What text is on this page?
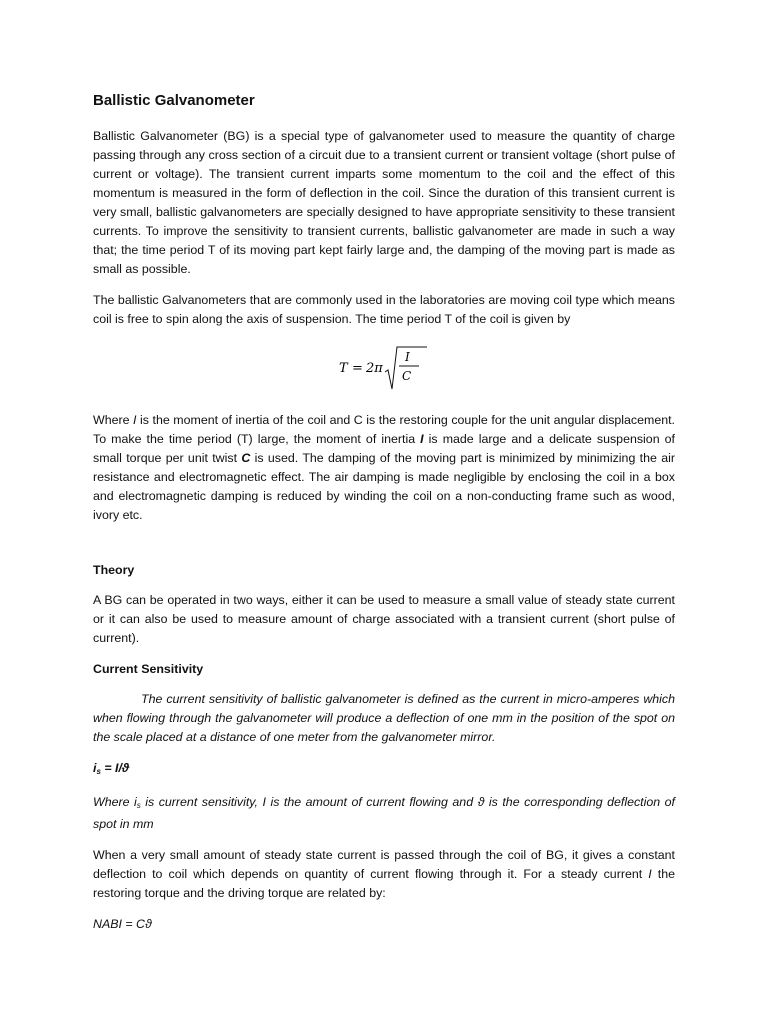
Ballistic Galvanometer

Ballistic Galvanometer (BG) is a special type of galvanometer used to measure the quantity of charge passing through any cross section of a circuit due to a transient current or transient voltage (short pulse of current or voltage). The transient current imparts some momentum to the coil and the effect of this momentum is measured in the form of deflection in the coil. Since the duration of this transient current is very small, ballistic galvanometers are specially designed to have appropriate sensitivity to these transient currents. To improve the sensitivity to transient currents, ballistic galvanometer are made in such a way that; the time period T of its moving part kept fairly large and, the damping of the moving part is made as small as possible.

The ballistic Galvanometers that are commonly used in the laboratories are moving coil type which means coil is free to spin along the axis of suspension. The time period T of the coil is given by

T = 2π
I
C

Where I is the moment of inertia of the coil and C is the restoring couple for the unit angular displacement. To make the time period (T) large, the moment of inertia I is made large and a delicate suspension of small torque per unit twist C is used. The damping of the moving part is minimized by minimizing the air resistance and electromagnetic effect. The air damping is made negligible by enclosing the coil in a box and electromagnetic damping is reduced by winding the coil on a non-conducting frame such as wood, ivory etc.

Theory

A BG can be operated in two ways, either it can be used to measure a small value of steady state current or it can also be used to measure amount of charge associated with a transient current (short pulse of current).

Current Sensitivity

The current sensitivity of ballistic galvanometer is defined as the current in micro-amperes which when flowing through the galvanometer will produce a deflection of one mm in the position of the spot on the scale placed at a distance of one meter from the galvanometer mirror.

$i_s = I/ϑ$

Where $i_s$ is current sensitivity, I is the amount of current flowing and ϑ is the corresponding deflection of spot in mm

When a very small amount of steady state current is passed through the coil of BG, it gives a constant deflection to coil which depends on quantity of current flowing through it. For a steady current I the restoring torque and the driving torque are related by:

NABI = Cϑ
